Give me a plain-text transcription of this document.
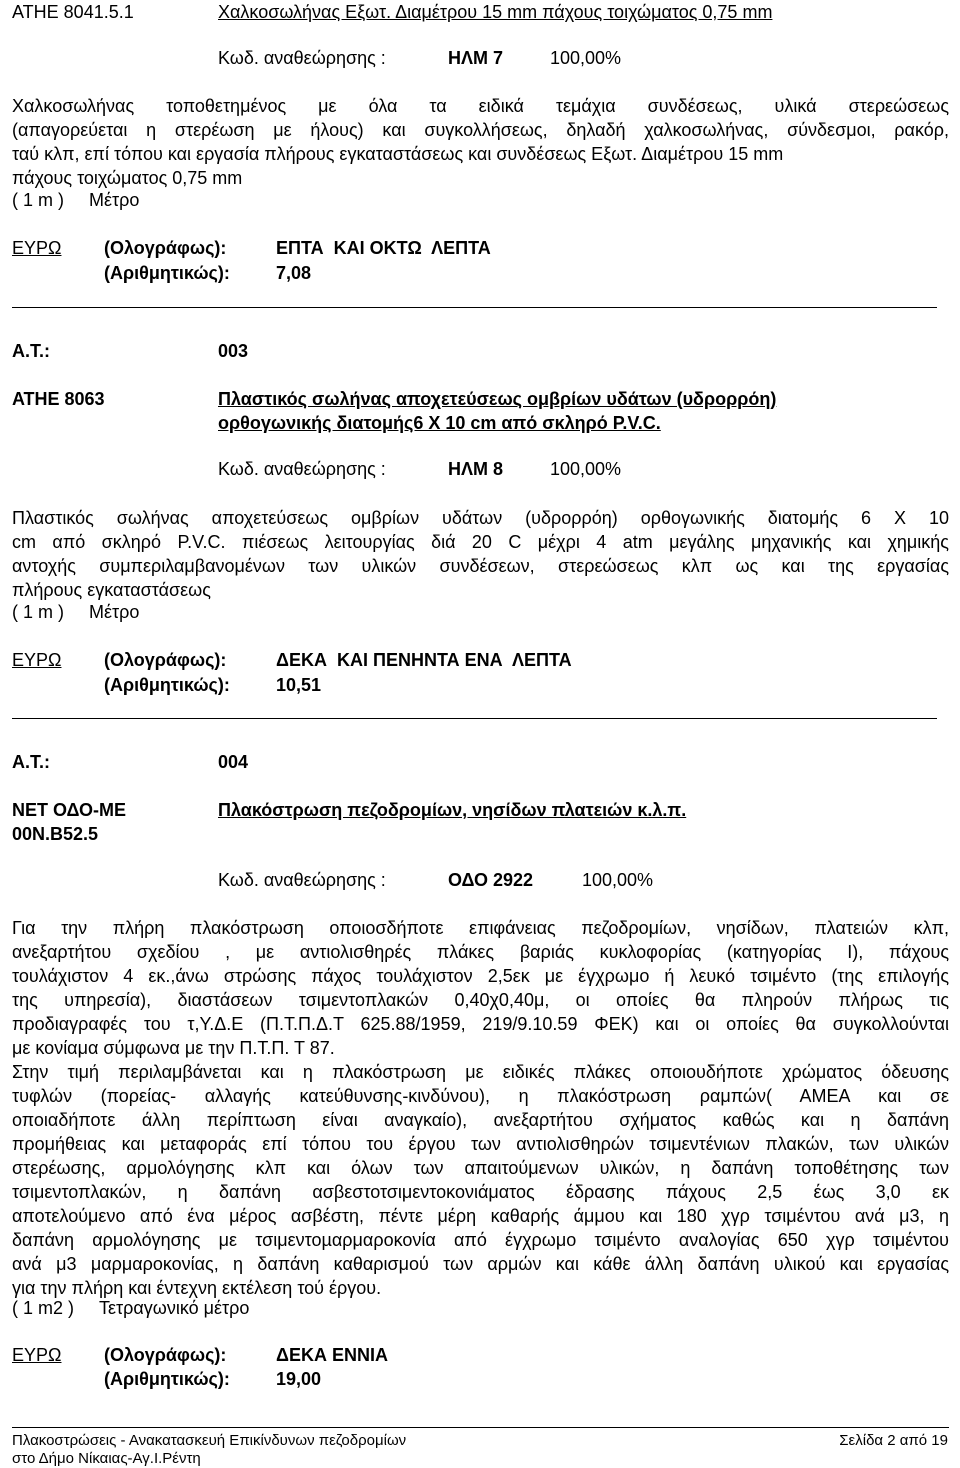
ΑΤΗΕ 8041.5.1	Χαλκοσωλήνας Εξωτ. Διαμέτρου 15 mm πάχους τοιχώματος 0,75 mm
Κωδ. αναθεώρησης :	ΗΛΜ 7	100,00%
Χαλκοσωλήνας τοποθετημένος με όλα τα ειδικά τεμάχια συνδέσεως, υλικά στερεώσεως
(απαγορεύεται η στερέωση με ήλους) και συγκολλήσεως, δηλαδή χαλκοσωλήνας, σύνδεσμοι, ρακόρ,
ταύ κλπ, επί τόπου και εργασία πλήρους εγκαταστάσεως και συνδέσεως Εξωτ. Διαμέτρου 15 mm
πάχους τοιχώματος 0,75 mm
( 1 m )     Μέτρο
ΕΥΡΩ (Ολογράφως):	ΕΠΤΑ  ΚΑΙ ΟΚΤΩ  ΛΕΠΤΑ
(Αριθμητικώς):	7,08
Α.Τ.:	003
ΑΤΗΕ 8063	Πλαστικός σωλήνας αποχετεύσεως ομβρίων υδάτων (υδρορρόη)
ορθογωνικής διατομής6 Χ 10 cm από σκληρό P.V.C.
Κωδ. αναθεώρησης :	ΗΛΜ 8	100,00%
Πλαστικός σωλήνας αποχετεύσεως ομβρίων υδάτων (υδρορρόη) ορθογωνικής διατομής 6 Χ 10
cm από σκληρό P.V.C. πιέσεως λειτουργίας διά 20 C μέχρι 4 atm μεγάλης μηχανικής και χημικής
αντοχής συμπεριλαμβανομένων των υλικών συνδέσεων, στερεώσεως κλπ ως και της εργασίας
πλήρους εγκαταστάσεως
( 1 m )     Μέτρο
ΕΥΡΩ (Ολογράφως):	ΔΕΚΑ  ΚΑΙ ΠΕΝΗΝΤΑ ΕΝΑ  ΛΕΠΤΑ
(Αριθμητικώς):	10,51
Α.Τ.:	004
ΝΕΤ ΟΔΟ-ΜΕ
00Ν.Β52.5
Πλακόστρωση πεζοδρομίων, νησίδων πλατειών κ.λ.π.
Κωδ. αναθεώρησης :	ΟΔΟ 2922	100,00%
Για την πλήρη πλακόστρωση οποιοσδήποτε επιφάνειας πεζοδρομίων, νησίδων, πλατειών κλπ,
ανεξαρτήτου σχεδίου , με αντιολισθηρές πλάκες βαριάς κυκλοφορίας (κατηγορίας Ι), πάχους
τουλάχιστον 4 εκ.,άνω στρώσης πάχος τουλάχιστον 2,5εκ με έγχρωμο ή λευκό τσιμέντο (της επιλογής
της υπηρεσία), διαστάσεων τσιμεντοπλακών 0,40χ0,40μ, οι οποίες θα πληρούν πλήρως τις
προδιαγραφές του τ,Υ.Δ.Ε (Π.Τ.Π.Δ.Τ 625.88/1959, 219/9.10.59 ΦΕΚ) και οι οποίες θα συγκολλούνται
με κονίαμα σύμφωνα με την Π.Τ.Π. Τ 87.
Στην τιμή περιλαμβάνεται και η πλακόστρωση με ειδικές πλάκες οποιουδήποτε χρώματος όδευσης
τυφλών (πορείας- αλλαγής κατεύθυνσης-κινδύνου), η πλακόστρωση ραμπών( ΑΜΕΑ και σε
οποιαδήποτε άλλη περίπτωση είναι αναγκαίο), ανεξαρτήτου σχήματος καθώς και η δαπάνη
προμήθειας και μεταφοράς επί τόπου του έργου των αντιολισθηρών τσιμεντένιων πλακών, των υλικών
στερέωσης, αρμολόγησης κλπ και όλων των απαιτούμενων υλικών, η δαπάνη τοποθέτησης των
τσιμεντοπλακών, η δαπάνη ασβεστοτσιμεντοκονιάματος έδρασης πάχους 2,5 έως 3,0 εκ
αποτελούμενο από ένα μέρος ασβέστη, πέντε μέρη καθαρής άμμου και 180 χγρ τσιμέντου ανά μ3, η
δαπάνη αρμολόγησης με τσιμεντοµαρμαροκονία από έγχρωμο τσιμέντο αναλογίας 650 χγρ τσιμέντου
ανά μ3 μαρμαροκονίας, η δαπάνη καθαρισμού των αρμών και κάθε άλλη δαπάνη υλικού και εργασίας
για την πλήρη και έντεχνη εκτέλεση τού έργου.
( 1 m2 )     Τετραγωνικό μέτρο
ΕΥΡΩ (Ολογράφως):	ΔΕΚΑ ΕΝΝΙΑ
(Αριθμητικώς):	19,00
Πλακοστρώσεις - Ανακατασκευή Επικίνδυνων πεζοδρομίων
στο Δήμο Νίκαιας-Αγ.Ι.Ρέντη
Σελίδα 2 από 19
